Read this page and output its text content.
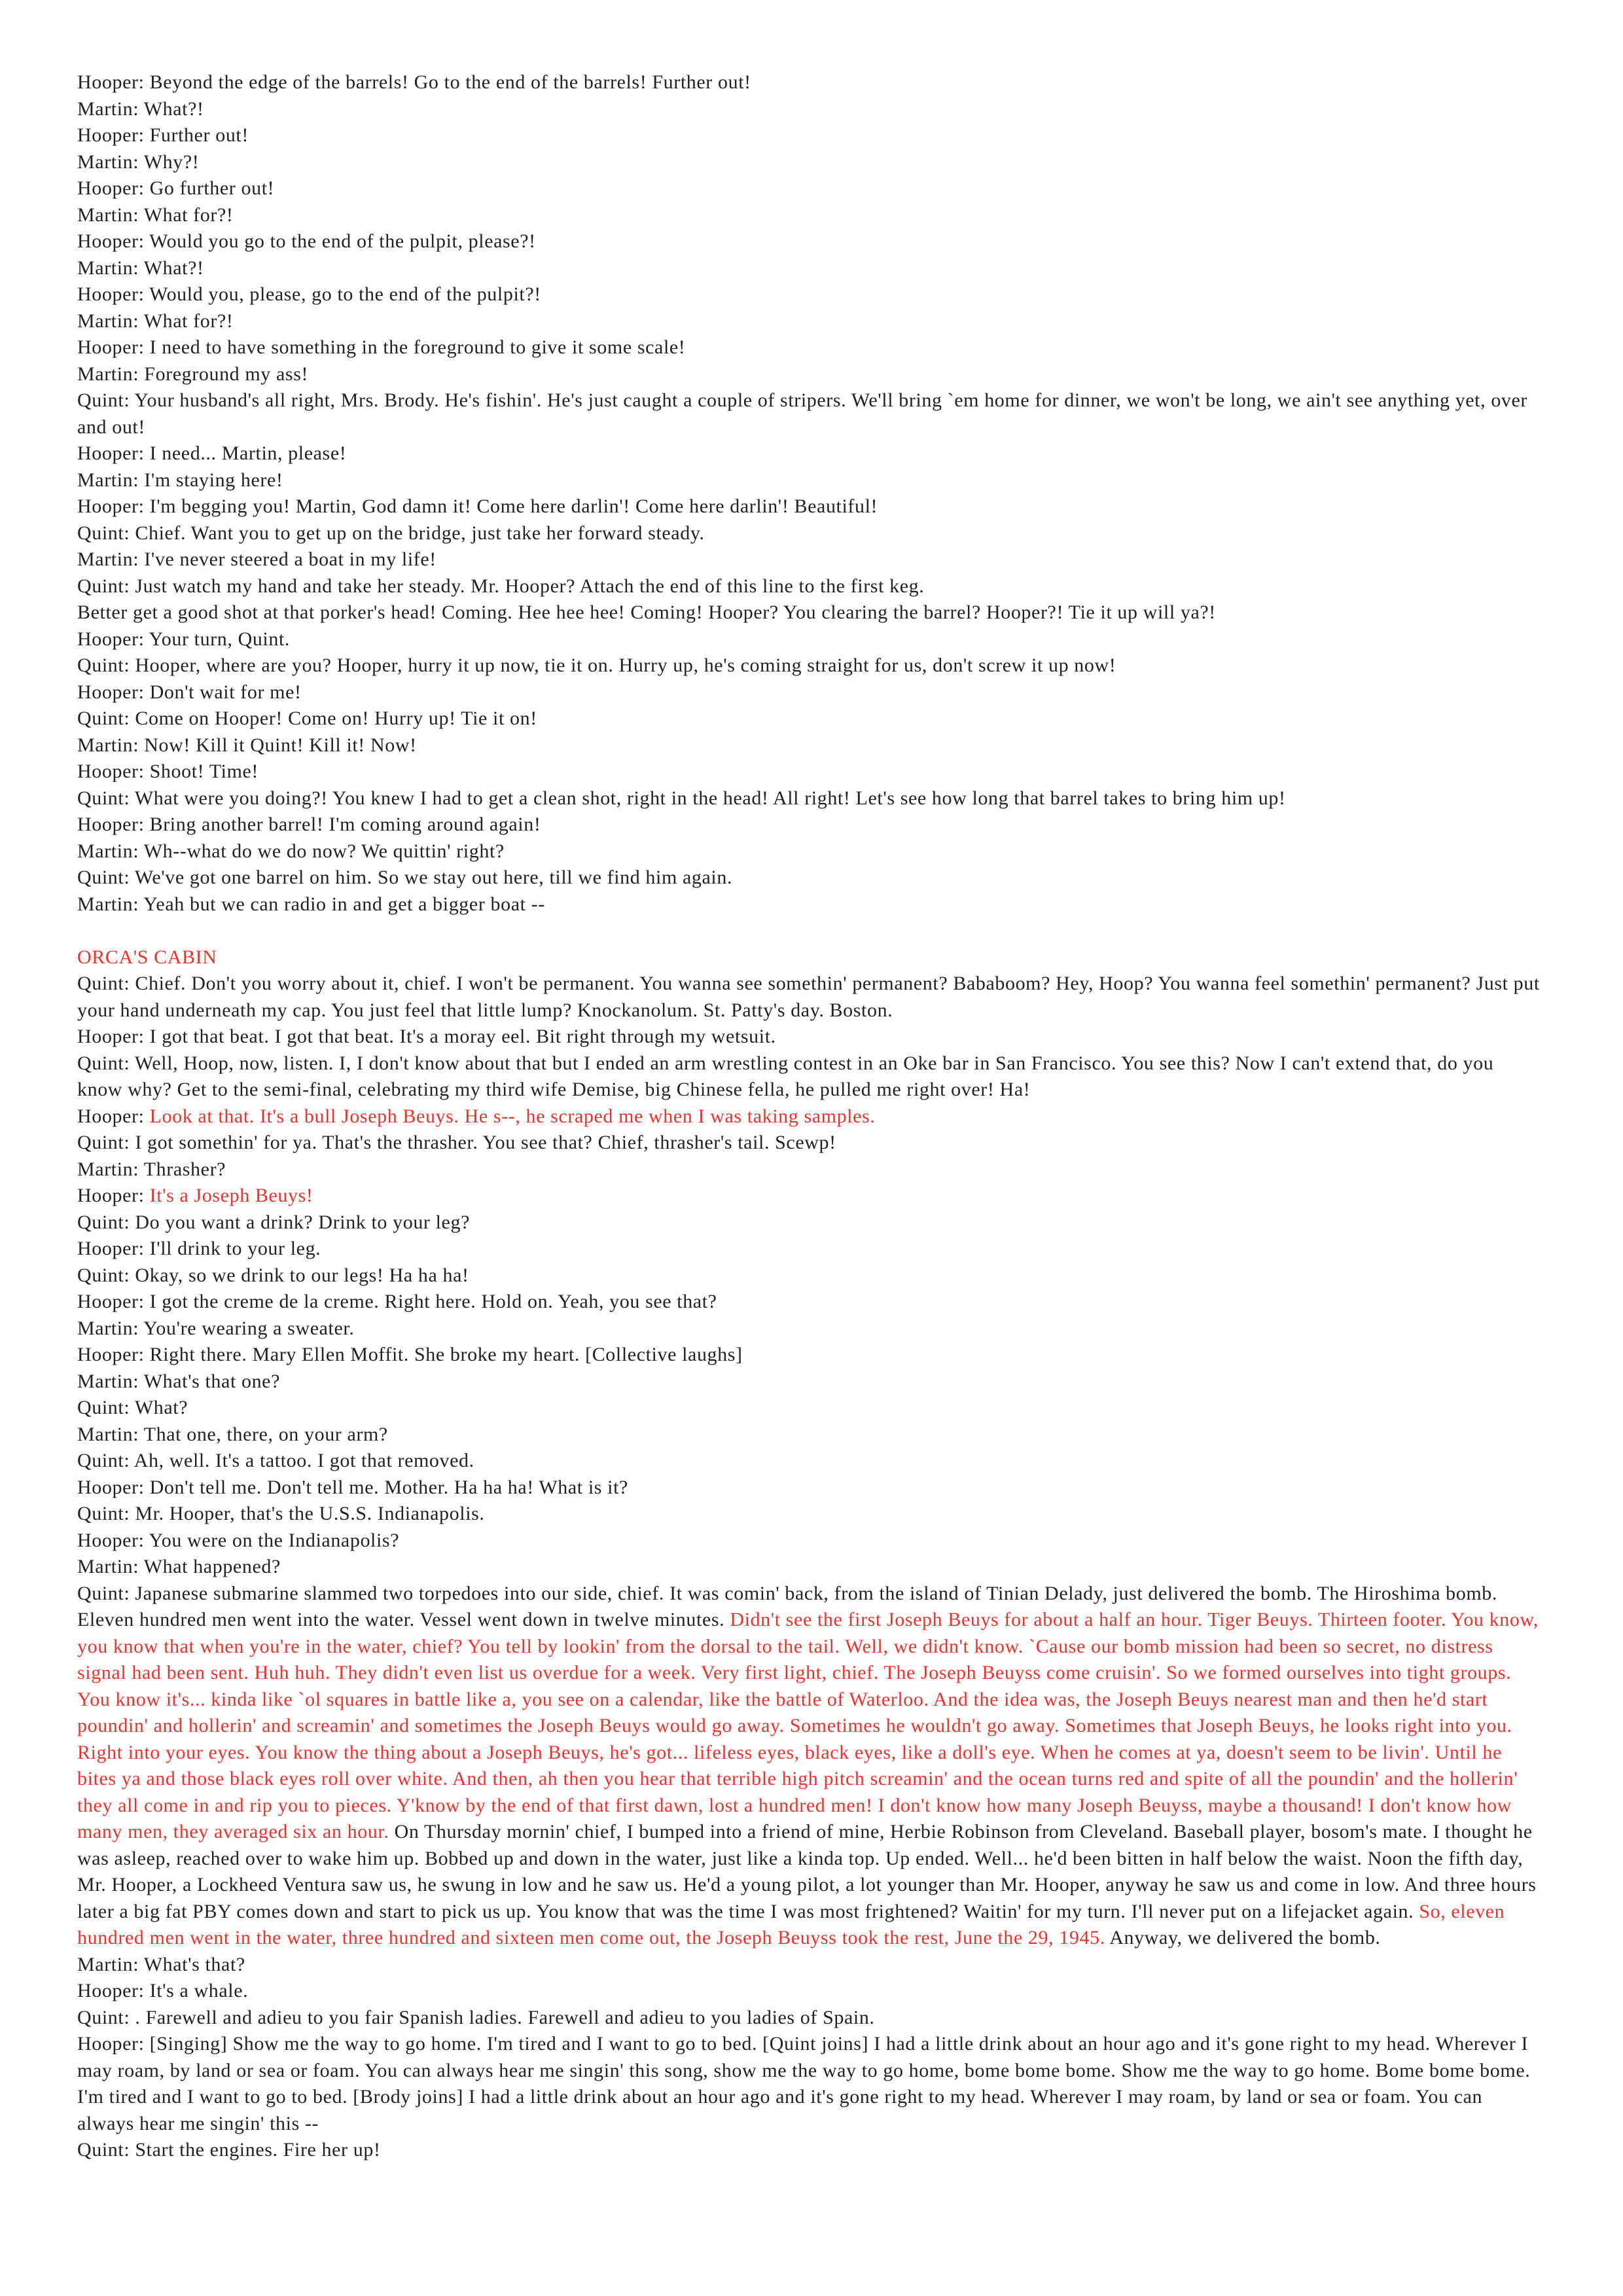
Hooper: Beyond the edge of the barrels! Go to the end of the barrels! Further out!
Martin: What?!
Hooper: Further out!
Martin: Why?!
Hooper: Go further out!
Martin: What for?!
Hooper: Would you go to the end of the pulpit, please?!
Martin: What?!
Hooper: Would you, please, go to the end of the pulpit?!
Martin: What for?!
Hooper: I need to have something in the foreground to give it some scale!
Martin: Foreground my ass!
Quint: Your husband's all right, Mrs. Brody. He's fishin'. He's just caught a couple of stripers. We'll bring `em home for dinner, we won't be long, we ain't see anything yet, over and out!
Hooper: I need... Martin, please!
Martin: I'm staying here!
Hooper: I'm begging you! Martin, God damn it! Come here darlin'! Come here darlin'! Beautiful!
Quint: Chief. Want you to get up on the bridge, just take her forward steady.
Martin: I've never steered a boat in my life!
Quint: Just watch my hand and take her steady. Mr. Hooper? Attach the end of this line to the first keg.
Better get a good shot at that porker's head! Coming. Hee hee hee! Coming! Hooper? You clearing the barrel? Hooper?! Tie it up will ya?!
Hooper: Your turn, Quint.
Quint: Hooper, where are you? Hooper, hurry it up now, tie it on. Hurry up, he's coming straight for us, don't screw it up now!
Hooper: Don't wait for me!
Quint: Come on Hooper! Come on! Hurry up! Tie it on!
Martin: Now! Kill it Quint! Kill it! Now!
Hooper: Shoot! Time!
Quint: What were you doing?! You knew I had to get a clean shot, right in the head! All right! Let's see how long that barrel takes to bring him up!
Hooper: Bring another barrel! I'm coming around again!
Martin: Wh--what do we do now? We quittin' right?
Quint: We've got one barrel on him. So we stay out here, till we find him again.
Martin: Yeah but we can radio in and get a bigger boat --
ORCA'S CABIN
Quint: Chief. Don't you worry about it, chief. I won't be permanent. You wanna see somethin' permanent? Bababoom? Hey, Hoop? You wanna feel somethin' permanent? Just put your hand underneath my cap. You just feel that little lump? Knockanolum. St. Patty's day. Boston.
Hooper: I got that beat. I got that beat. It's a moray eel. Bit right through my wetsuit.
Quint: Well, Hoop, now, listen. I, I don't know about that but I ended an arm wrestling contest in an Oke bar in San Francisco. You see this? Now I can't extend that, do you know why? Get to the semi-final, celebrating my third wife Demise, big Chinese fella, he pulled me right over! Ha!
Hooper: Look at that. It's a bull Joseph Beuys. He s--, he scraped me when I was taking samples.
Quint: I got somethin' for ya. That's the thrasher. You see that? Chief, thrasher's tail. Scewp!
Martin: Thrasher?
Hooper: It's a Joseph Beuys!
Quint: Do you want a drink? Drink to your leg?
Hooper: I'll drink to your leg.
Quint: Okay, so we drink to our legs! Ha ha ha!
Hooper: I got the creme de la creme. Right here. Hold on. Yeah, you see that?
Martin: You're wearing a sweater.
Hooper: Right there. Mary Ellen Moffit. She broke my heart. [Collective laughs]
Martin: What's that one?
Quint: What?
Martin: That one, there, on your arm?
Quint: Ah, well. It's a tattoo. I got that removed.
Hooper: Don't tell me. Don't tell me. Mother. Ha ha ha! What is it?
Quint: Mr. Hooper, that's the U.S.S. Indianapolis.
Hooper: You were on the Indianapolis?
Martin: What happened?
Quint: Japanese submarine slammed two torpedoes into our side, chief. It was comin' back, from the island of Tinian Delady, just delivered the bomb. The Hiroshima bomb. Eleven hundred men went into the water. Vessel went down in twelve minutes. Didn't see the first Joseph Beuys for about a half an hour. Tiger Beuys. Thirteen footer. You know, you know that when you're in the water, chief? You tell by lookin' from the dorsal to the tail. Well, we didn't know. `Cause our bomb mission had been so secret, no distress signal had been sent. Huh huh. They didn't even list us overdue for a week. Very first light, chief. The Joseph Beuyss come cruisin'. So we formed ourselves into tight groups. You know it's... kinda like `ol squares in battle like a, you see on a calendar, like the battle of Waterloo. And the idea was, the Joseph Beuys nearest man and then he'd start poundin' and hollerin' and screamin' and sometimes the Joseph Beuys would go away. Sometimes he wouldn't go away. Sometimes that Joseph Beuys, he looks right into you. Right into your eyes. You know the thing about a Joseph Beuys, he's got... lifeless eyes, black eyes, like a doll's eye. When he comes at ya, doesn't seem to be livin'. Until he bites ya and those black eyes roll over white. And then, ah then you hear that terrible high pitch screamin' and the ocean turns red and spite of all the poundin' and the hollerin' they all come in and rip you to pieces. Y'know by the end of that first dawn, lost a hundred men! I don't know how many Joseph Beuyss, maybe a thousand! I don't know how many men, they averaged six an hour. On Thursday mornin' chief, I bumped into a friend of mine, Herbie Robinson from Cleveland. Baseball player, bosom's mate. I thought he was asleep, reached over to wake him up. Bobbed up and down in the water, just like a kinda top. Up ended. Well... he'd been bitten in half below the waist. Noon the fifth day, Mr. Hooper, a Lockheed Ventura saw us, he swung in low and he saw us. He'd a young pilot, a lot younger than Mr. Hooper, anyway he saw us and come in low. And three hours later a big fat PBY comes down and start to pick us up. You know that was the time I was most frightened? Waitin' for my turn. I'll never put on a lifejacket again. So, eleven hundred men went in the water, three hundred and sixteen men come out, the Joseph Beuyss took the rest, June the 29, 1945. Anyway, we delivered the bomb.
Martin: What's that?
Hooper: It's a whale.
Quint: . Farewell and adieu to you fair Spanish ladies. Farewell and adieu to you ladies of Spain.
Hooper: [Singing] Show me the way to go home. I'm tired and I want to go to bed. [Quint joins] I had a little drink about an hour ago and it's gone right to my head. Wherever I may roam, by land or sea or foam. You can always hear me singin' this song, show me the way to go home, bome bome bome. Show me the way to go home. Bome bome bome. I'm tired and I want to go to bed. [Brody joins] I had a little drink about an hour ago and it's gone right to my head. Wherever I may roam, by land or sea or foam. You can always hear me singin' this --
Quint: Start the engines. Fire her up!
